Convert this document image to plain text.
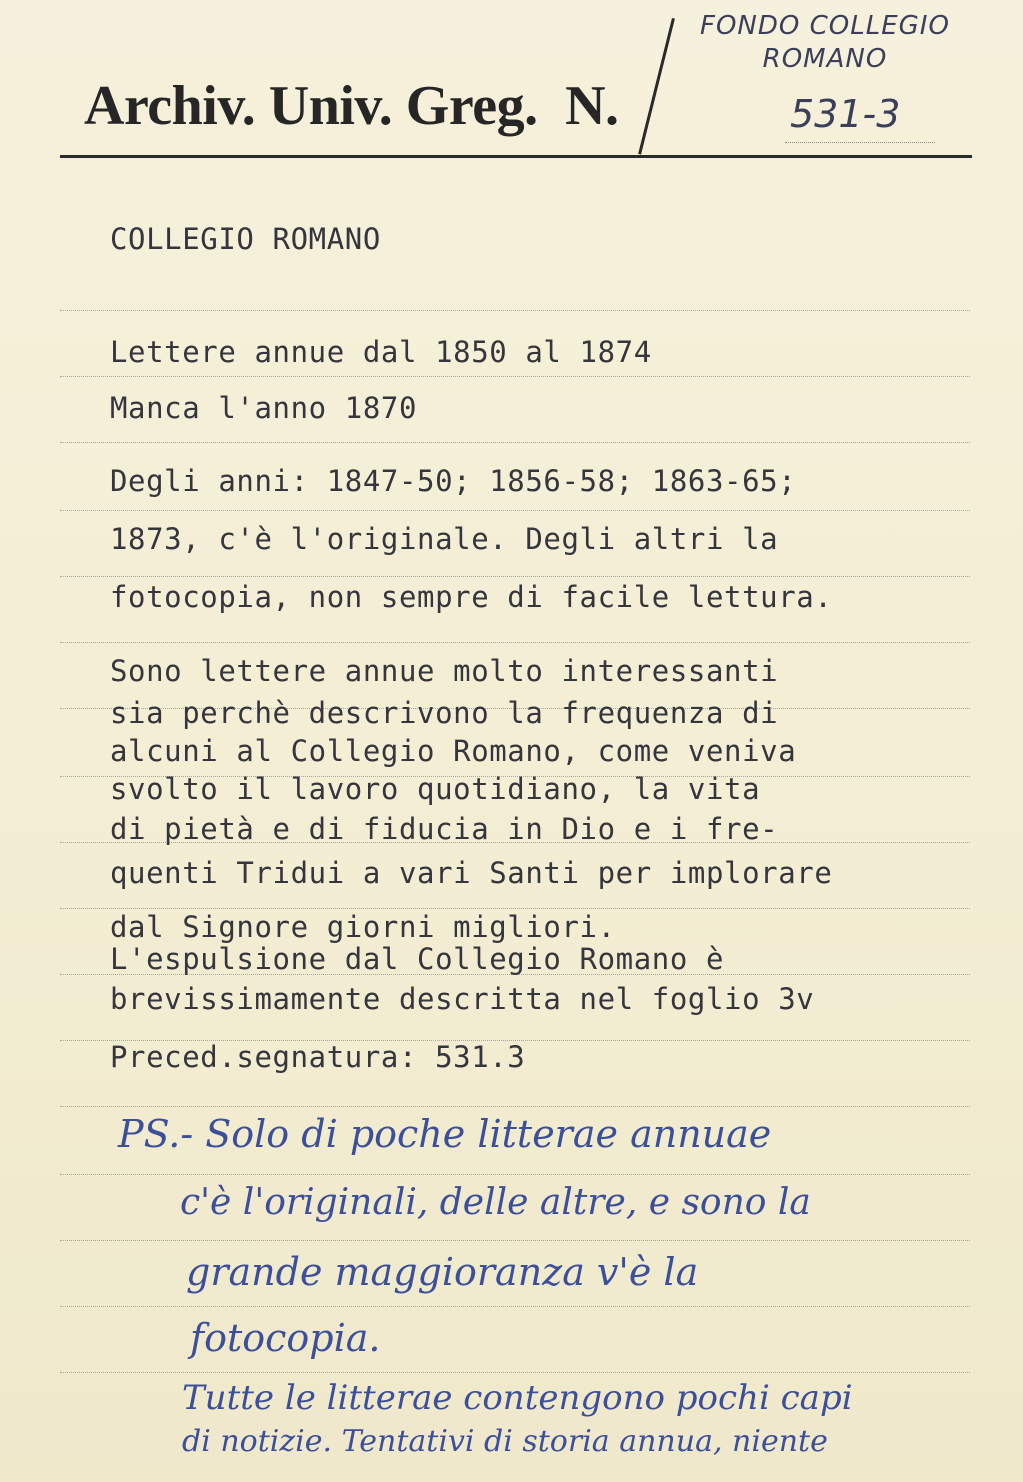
FONDO COLLEGIO
ROMANO
Archiv. Univ. Greg. N.	531-3
COLLEGIO ROMANO
Lettere annue dal 1850 al 1874
Manca l'anno 1870
Degli anni: 1847-50; 1856-58; 1863-65;
1873, c'è l'originale. Degli altri la
fotocopia, non sempre di facile lettura.
Sono lettere annue molto interessanti
sia perchè descrivono la frequenza di
alcuni al Collegio Romano, come veniva
svolto il lavoro quotidiano, la vita
di pietà e di fiducia in Dio e i fre-
quenti Tridui a vari Santi per implorare
dal Signore giorni migliori.
L'espulsione dal Collegio Romano è
brevissimamente descritta nel foglio 3v
Preced.segnatura: 531.3
PS.- Solo di poche litterae annuae
c'è l'originali, delle altre, e sono la
grande maggioranza v'è la
fotocopia.
Tutte le litterae contengono pochi capi
di notizie. Tentativi di storia annua, niente
